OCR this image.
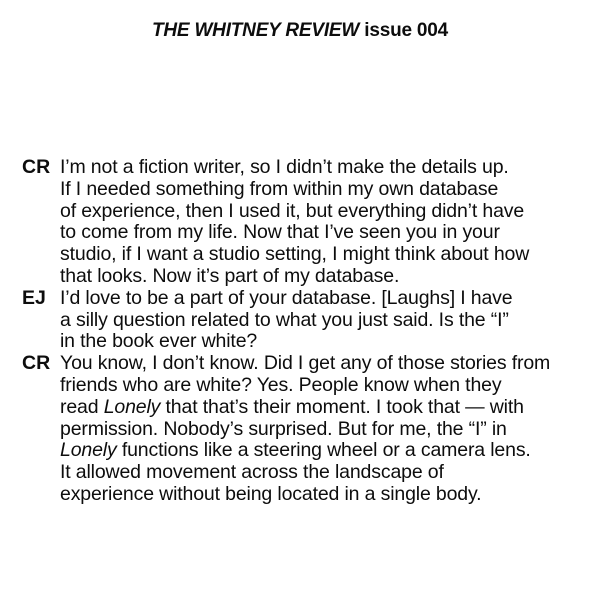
THE WHITNEY REVIEW issue 004
CR I’m not a fiction writer, so I didn’t make the details up.
If I needed something from within my own database
of experience, then I used it, but everything didn’t have
to come from my life. Now that I’ve seen you in your
studio, if I want a studio setting, I might think about how
that looks. Now it’s part of my database.
EJ I’d love to be a part of your database. [Laughs] I have
a silly question related to what you just said. Is the “I”
in the book ever white?
CR You know, I don’t know. Did I get any of those stories from
friends who are white? Yes. People know when they
read Lonely that that’s their moment. I took that — with
permission. Nobody’s surprised. But for me, the “I” in
Lonely functions like a steering wheel or a camera lens.
It allowed movement across the landscape of
experience without being located in a single body.
